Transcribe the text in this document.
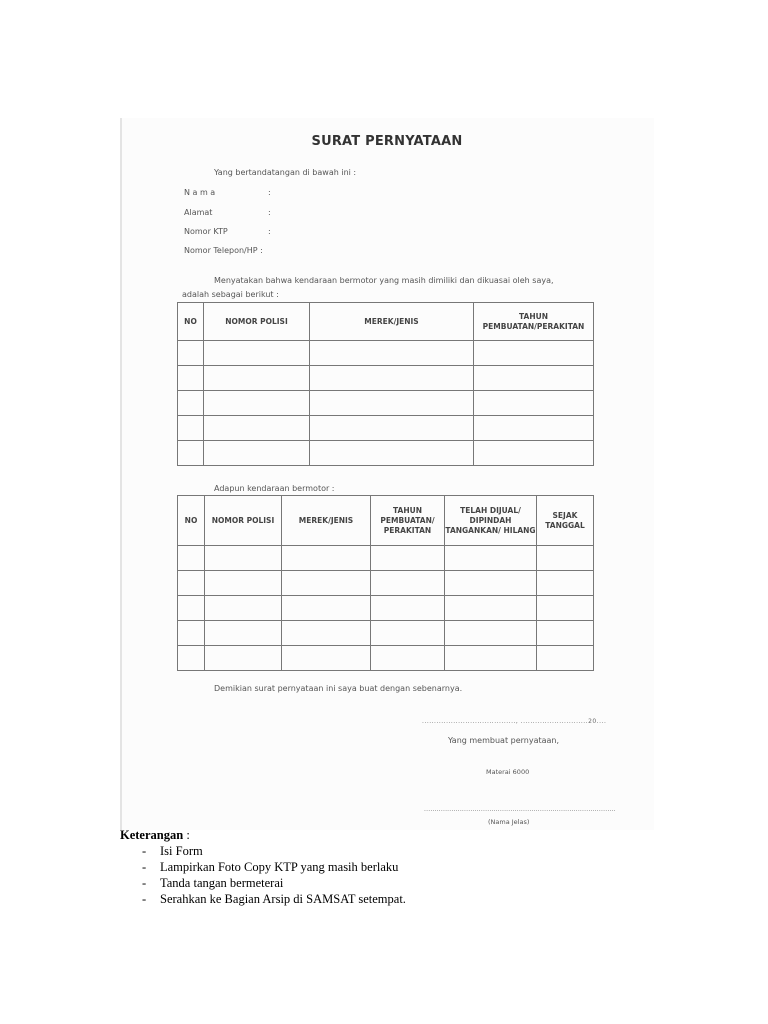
SURAT PERNYATAAN
Yang bertandatangan di bawah ini :
N a m a	:
Alamat	:
Nomor KTP	:
Nomor Telepon/HP :
Menyatakan bahwa kendaraan bermotor yang masih dimiliki dan dikuasai oleh saya,
adalah sebagai berikut :
NO	NOMOR POLISI	MEREK/JENIS	TAHUN PEMBUATAN/PERAKITAN

Adapun kendaraan bermotor :
NO	NOMOR POLISI	MEREK/JENIS	TAHUN PEMBUATAN/ PERAKITAN	TELAH DIJUAL/ DIPINDAH TANGANKAN/ HILANG	SEJAK TANGGAL

Demikian surat pernyataan ini saya buat dengan sebenarnya.
......................................., ............................20....
Yang membuat pernyataan,
Materai 6000
...........................................................................................
(Nama Jelas)
Keterangan :
- Isi Form
- Lampirkan Foto Copy KTP yang masih berlaku
- Tanda tangan bermeterai
- Serahkan ke Bagian Arsip di SAMSAT setempat.
